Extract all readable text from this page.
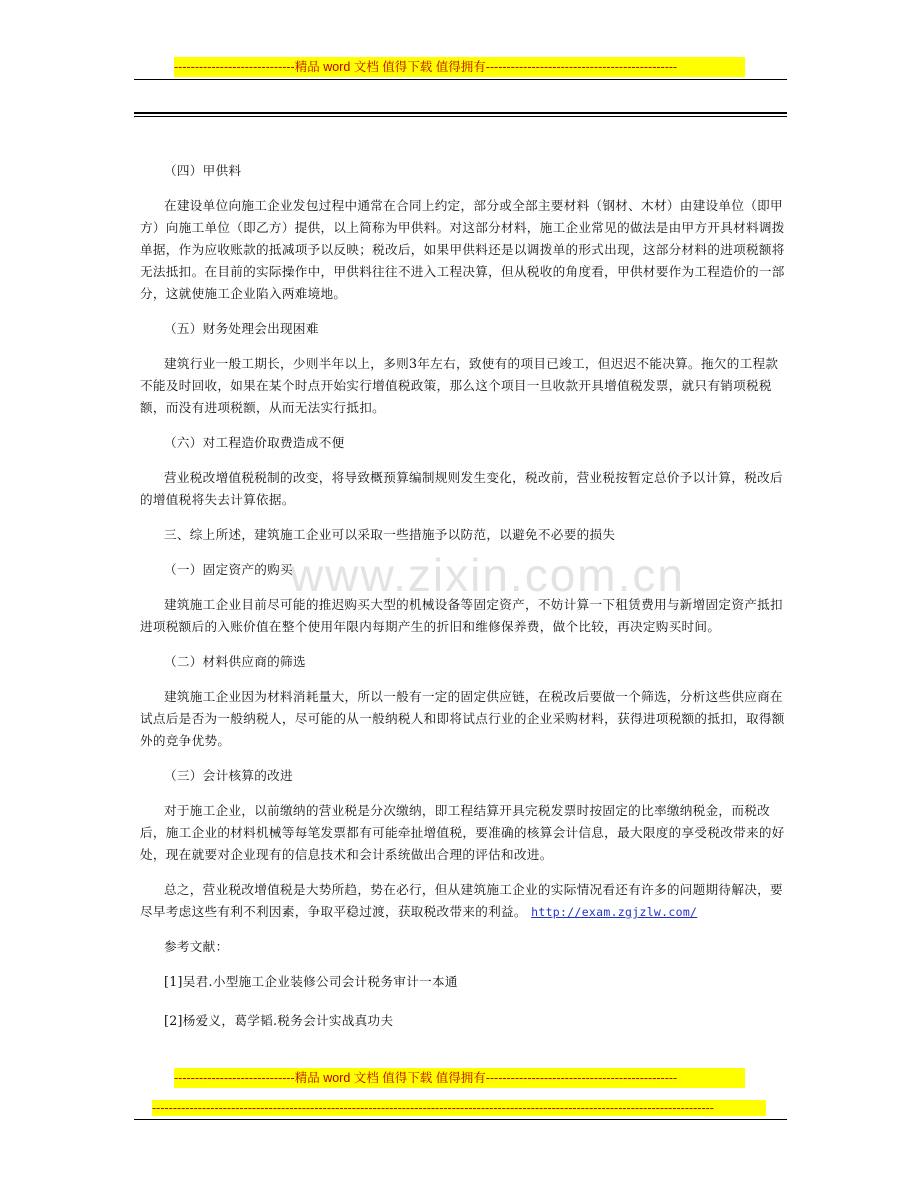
-----------------------------精品 word 文档 值得下载 值得拥有----------------------------------------------
www.zixin.com.cn

（四）甲供料

在建设单位向施工企业发包过程中通常在合同上约定，部分或全部主要材料（钢材、木材）由建设单位（即甲方）向施工单位（即乙方）提供，以上简称为甲供料。对这部分材料，施工企业常见的做法是由甲方开具材料调拨单据，作为应收账款的抵减项予以反映；税改后，如果甲供料还是以调拨单的形式出现，这部分材料的进项税额将无法抵扣。在目前的实际操作中，甲供料往往不进入工程决算，但从税收的角度看，甲供材要作为工程造价的一部分，这就使施工企业陷入两难境地。

（五）财务处理会出现困难

建筑行业一般工期长，少则半年以上，多则3年左右，致使有的项目已竣工，但迟迟不能决算。拖欠的工程款不能及时回收，如果在某个时点开始实行增值税政策，那么这个项目一旦收款开具增值税发票，就只有销项税税额，而没有进项税额，从而无法实行抵扣。

（六）对工程造价取费造成不便

营业税改增值税税制的改变，将导致概预算编制规则发生变化，税改前，营业税按暂定总价予以计算，税改后的增值税将失去计算依据。

三、综上所述，建筑施工企业可以采取一些措施予以防范，以避免不必要的损失

（一）固定资产的购买

建筑施工企业目前尽可能的推迟购买大型的机械设备等固定资产，不妨计算一下租赁费用与新增固定资产抵扣进项税额后的入账价值在整个使用年限内每期产生的折旧和维修保养费，做个比较，再决定购买时间。

（二）材料供应商的筛选

建筑施工企业因为材料消耗量大，所以一般有一定的固定供应链，在税改后要做一个筛选，分析这些供应商在试点后是否为一般纳税人，尽可能的从一般纳税人和即将试点行业的企业采购材料，获得进项税额的抵扣，取得额外的竞争优势。

（三）会计核算的改进

对于施工企业，以前缴纳的营业税是分次缴纳，即工程结算开具完税发票时按固定的比率缴纳税金，而税改后，施工企业的材料机械等每笔发票都有可能牵扯增值税，要准确的核算会计信息，最大限度的享受税改带来的好处，现在就要对企业现有的信息技术和会计系统做出合理的评估和改进。

总之，营业税改增值税是大势所趋，势在必行，但从建筑施工企业的实际情况看还有许多的问题期待解决，要尽早考虑这些有利不利因素，争取平稳过渡，获取税改带来的利益。 http://exam.zgjzlw.com/

参考文献：

[1]吴君.小型施工企业装修公司会计税务审计一本通

[2]杨爱义，葛学韬.税务会计实战真功夫

-----------------------------精品 word 文档 值得下载 值得拥有----------------------------------------------
---------------------------------------------------------------------------------------------------------------------------------------
